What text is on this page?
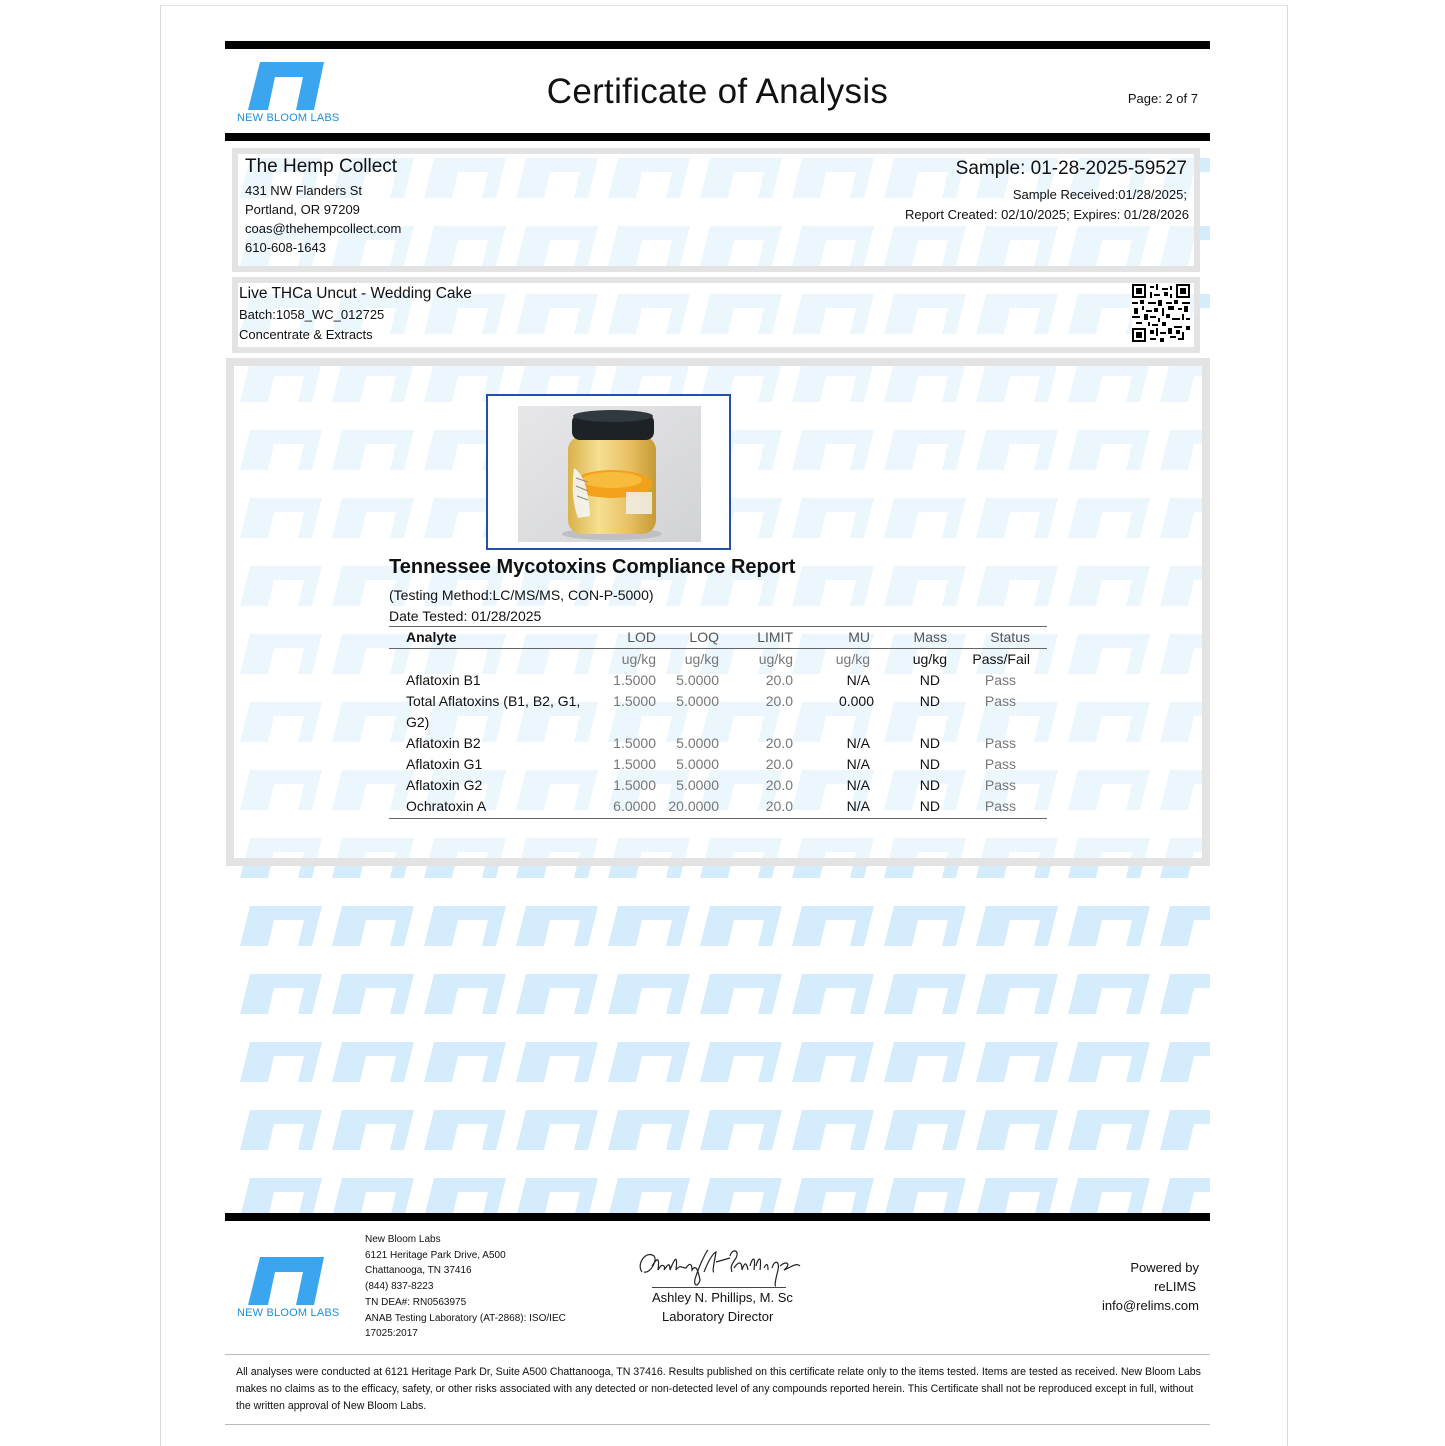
NEW BLOOM LABS
Certificate of Analysis	Page: 2 of 7
The Hemp Collect
431 NW Flanders St
Portland, OR 97209
coas@thehempcollect.com
610-608-1643
Sample: 01-28-2025-59527
Sample Received:01/28/2025;
Report Created: 02/10/2025; Expires: 01/28/2026
Live THCa Uncut - Wedding Cake
Batch:1058_WC_012725
Concentrate & Extracts
Tennessee Mycotoxins Compliance Report
(Testing Method:LC/MS/MS, CON-P-5000)
Date Tested: 01/28/2025
Analyte	LOD	LOQ	LIMIT	MU	Mass	Status
	ug/kg	ug/kg	ug/kg	ug/kg	ug/kg	Pass/Fail
Aflatoxin B1	1.5000	5.0000	20.0	N/A	ND	Pass
Total Aflatoxins (B1, B2, G1,
G2)	1.5000	5.0000	20.0	0.000	ND	Pass
Aflatoxin B2	1.5000	5.0000	20.0	N/A	ND	Pass
Aflatoxin G1	1.5000	5.0000	20.0	N/A	ND	Pass
Aflatoxin G2	1.5000	5.0000	20.0	N/A	ND	Pass
Ochratoxin A	6.0000	20.0000	20.0	N/A	ND	Pass
NEW BLOOM LABS
New Bloom Labs
6121 Heritage Park Drive, A500
Chattanooga, TN 37416
(844) 837-8223
TN DEA#: RN0563975
ANAB Testing Laboratory (AT-2868): ISO/IEC
17025:2017
Ashley N. Phillips, M. Sc
Laboratory Director
Powered by
reLIMS
info@relims.com
All analyses were conducted at 6121 Heritage Park Dr, Suite A500 Chattanooga, TN 37416. Results published on this certificate relate only to the items tested. Items are tested as received. New Bloom Labs makes no claims as to the efficacy, safety, or other risks associated with any detected or non-detected level of any compounds reported herein. This Certificate shall not be reproduced except in full, without the written approval of New Bloom Labs.
